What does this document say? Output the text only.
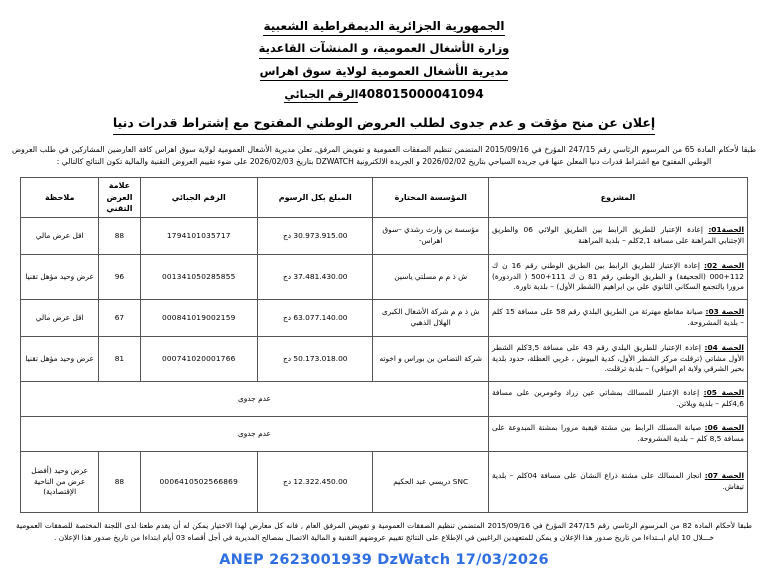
الجمهورية الجزائرية الديمقراطية الشعبية
وزارة الأشغال العمومية، و المنشآت القاعدية
مديرية الأشغال العمومية لولاية سوق اهراس
408015000041094الرقم الجبائي
إعلان عن منح مؤقت و عدم جدوى لطلب العروض الوطني المفتوح مع إشتراط قدرات دنيا
طبقا لأحكام المادة 65 من المرسوم الرئاسي رقم 247/15 المؤرخ في 2015/09/16 المتضمن تنظيم الصفقات العمومية و تفويض المرفق, تعلن مديرية الأشغال العمومية لولاية سوق اهراس كافة العارضين المشاركين في طلب العروض الوطني المفتوح مع اشتراط قدرات دنيا المعلن عنها في جريدة السياحي بتاريخ 2026/02/02 و الجريدة الالكترونية DZWATCH بتاريخ 2026/02/03 على ضوء تقييم العروض التقنية والمالية تكون النتائج كالتالي :
المشروع	المؤسسة المختارة	المبلغ بكل الرسوم	الرقم الجبائي	علامة العرض التقني	ملاحظة
الحصة01: إعادة الإعتبار للطريق الرابط بين الطريق الولائي 06 والطريق الإجتنابي المراهنة على مسافة 2,1كلم – بلدية المراهنة	مؤسسة بن وارث رشدي –سوق اهراس-	30.973.915.00 دج	1794101035717	88	اقل عرض مالي
الحصة 02: إعادة الإعتبار للطريق الرابط بين الطريق الوطني رقم 16 ن ك 112+000 (الجحيفة) و الطريق الوطني رقم 81 ن ك 111+500 ( الدردورة) مرورا بالتجمع السكاني الثانوي علي بن ابراهيم (الشطر الأول) – بلدية تاورة.	ش ذ م م مسلتي ياسين	37.481.430.00 دج	001341050285855	96	عرض وحيد مؤهل تقنيا
الحصة 03: صيانة مقاطع مهترئة من الطريق البلدي رقم 58 على مسافة 15 كلم – بلدية المشروحة.	ش ذ م م شركة الأشغال الكبرى الهلال الذهبي	63.077.140.00 دج	000841019002159	67	اقل عرض مالي
الحصة 04: إعادة الإعتبار للطريق البلدي رقم 43 على مسافة 3,5كلم الشطر الأول مشاتي (ترقلت مركز الشطر الأول، كدية البيوش ، غربي العظلة، حدود بلدية بحير الشرقي ولاية ام البواقي) – بلدية ترقلت.	شركة التضامن بن بوراس و اخوته	50.173.018.00 دج	000741020001766	81	عرض وحيد مؤهل تقنيا
الحصة 05: إعادة الإعتبار للمسالك بمشاتي عين زراد وغومرين على مسافة 4,6كلم – بلدية ويلاتن.	عدم جدوى				
الحصة 06: صيانة المسلك الرابط بين مشتة قيقبة مرورا بمشتة المبدوعة على مسافة 8,5 كلم – بلدية المشروحة.	عدم جدوى				
الحصة 07: انجاز المسالك على مشتة ذراع النشان على مسافة 04كلم – بلدية تيفاش.	SNC دريسي عبد الحكيم	12.322.450.00 دج	0006410502566869	88	عرض وحيد (أفضل عرض من الناحية الإقتصادية)
طبقا لأحكام المادة 82 من المرسوم الرئاسي رقم 247/15 المؤرخ في 2015/09/16 المتضمن تنظيم الصفقات العمومية و تفويض المرفق العام , فانه كل معارض لهذا الاختيار يمكن له أن يقدم طعنا لدى اللجنة المختصة للصفقات العمومية خـــلال 10 ايام ابــتداءا من تاريخ صدور هذا الإعلان و يمكن للمتعهدين الراغبين في الإطلاع على النتائج تقييم عروضهم التقنية و المالية الاتصال بمصالح المديرية في أجل أقصاه 03 أيام ابتداءا من تاريخ صدور هذا الإعلان .
ANEP 2623001939 DzWatch 17/03/2026
